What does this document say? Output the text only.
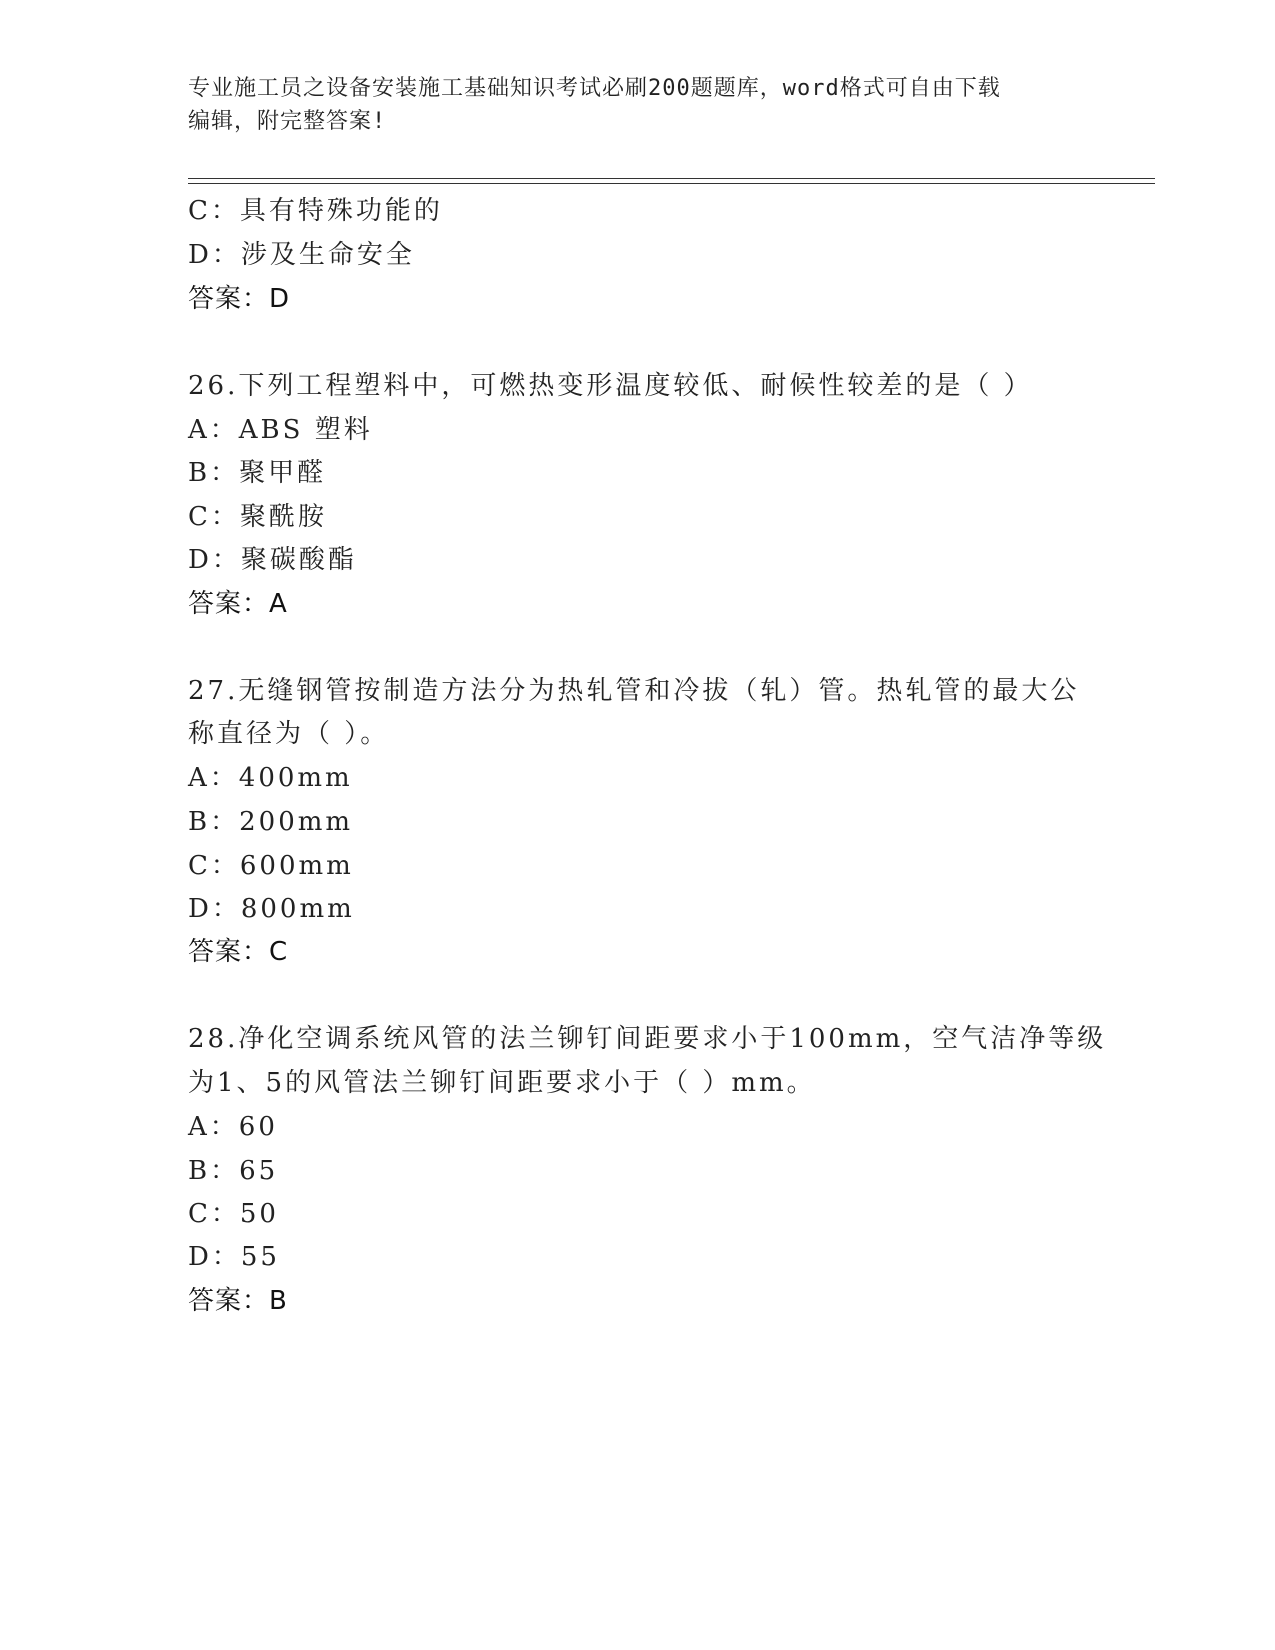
专业施工员之设备安装施工基础知识考试必刷200题题库，word格式可自由下载
编辑，附完整答案!
C：具有特殊功能的
D：涉及生命安全
答案：D
26.下列工程塑料中，可燃热变形温度较低、耐候性较差的是（ ）
A：ABS 塑料
B：聚甲醛
C：聚酰胺
D：聚碳酸酯
答案：A
27.无缝钢管按制造方法分为热轧管和冷拔（轧）管。热轧管的最大公
称直径为（ ）。
A：400mm
B：200mm
C：600mm
D：800mm
答案：C
28.净化空调系统风管的法兰铆钉间距要求小于100mm，空气洁净等级
为1、5的风管法兰铆钉间距要求小于（ ）mm。
A：60
B：65
C：50
D：55
答案：B
